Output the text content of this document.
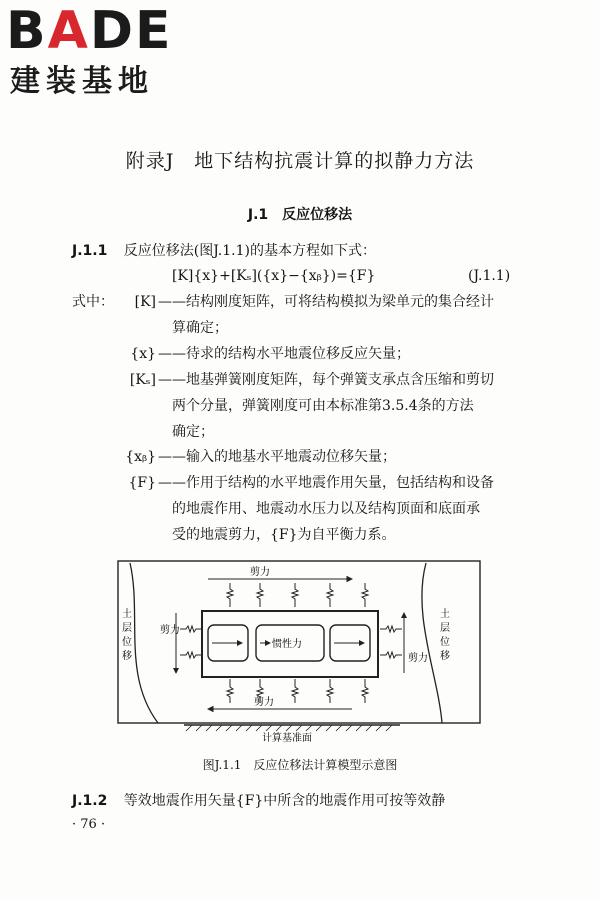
BADE
建装基地
附录J　地下结构抗震计算的拟静力方法
J.1　反应位移法
J.1.1 反应位移法(图J.1.1)的基本方程如下式：
[K]{x}+[Kₛ]({x}−{xᵦ})={F}	(J.1.1)
式中：	[K] ——结构刚度矩阵，可将结构模拟为梁单元的集合经计
算确定；
{x} ——待求的结构水平地震位移反应矢量；
[Kₛ] ——地基弹簧刚度矩阵，每个弹簧支承点含压缩和剪切
两个分量，弹簧刚度可由本标准第3.5.4条的方法
确定；
{xᵦ} ——输入的地基水平地震动位移矢量；
{F} ——作用于结构的水平地震作用矢量，包括结构和设备
的地震作用、地震动水压力以及结构顶面和底面承
受的地震剪力，{F}为自平衡力系。
土
层
位
移
土
层
位
移
剪力
惯性力
剪力
剪力
剪力
计算基准面
图J.1.1　反应位移法计算模型示意图
J.1.2 等效地震作用矢量{F}中所含的地震作用可按等效静
· 76 ·
